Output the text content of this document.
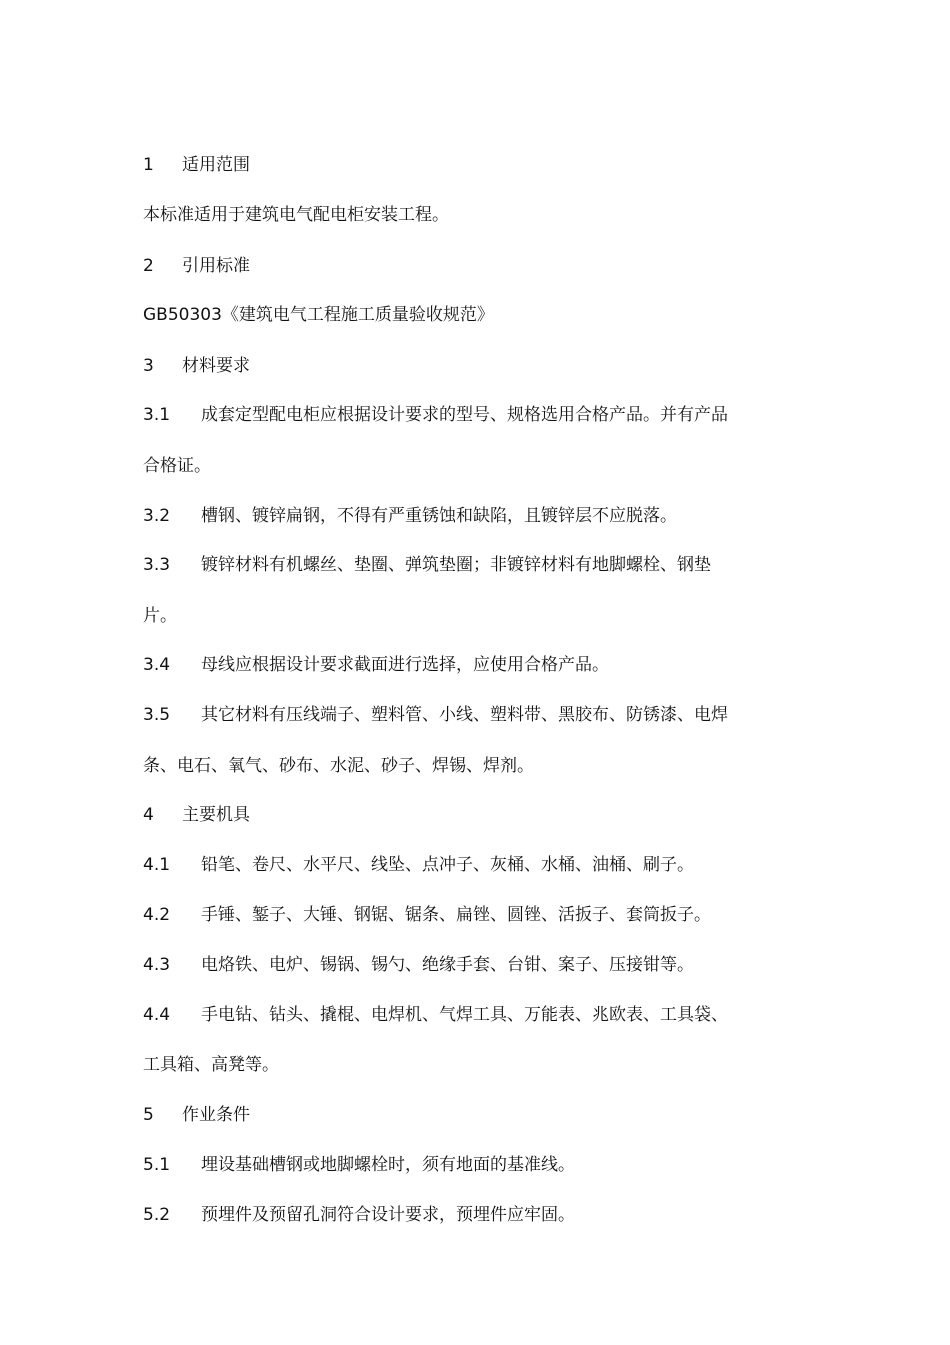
1 适用范围
本标准适用于建筑电气配电柜安装工程。
2 引用标准
GB50303《建筑电气工程施工质量验收规范》
3 材料要求
3.1 成套定型配电柜应根据设计要求的型号、规格选用合格产品。并有产品
合格证。
3.2 槽钢、镀锌扁钢，不得有严重锈蚀和缺陷，且镀锌层不应脱落。
3.3 镀锌材料有机螺丝、垫圈、弹筑垫圈；非镀锌材料有地脚螺栓、钢垫
片。
3.4 母线应根据设计要求截面进行选择，应使用合格产品。
3.5 其它材料有压线端子、塑料管、小线、塑料带、黑胶布、防锈漆、电焊
条、电石、氧气、砂布、水泥、砂子、焊锡、焊剂。
4 主要机具
4.1 铅笔、卷尺、水平尺、线坠、点冲子、灰桶、水桶、油桶、刷子。
4.2 手锤、錾子、大锤、钢锯、锯条、扁锉、圆锉、活扳子、套筒扳子。
4.3 电烙铁、电炉、锡锅、锡勺、绝缘手套、台钳、案子、压接钳等。
4.4 手电钻、钻头、撬棍、电焊机、气焊工具、万能表、兆欧表、工具袋、
工具箱、高凳等。
5 作业条件
5.1 埋设基础槽钢或地脚螺栓时，须有地面的基准线。
5.2 预埋件及预留孔洞符合设计要求，预埋件应牢固。
